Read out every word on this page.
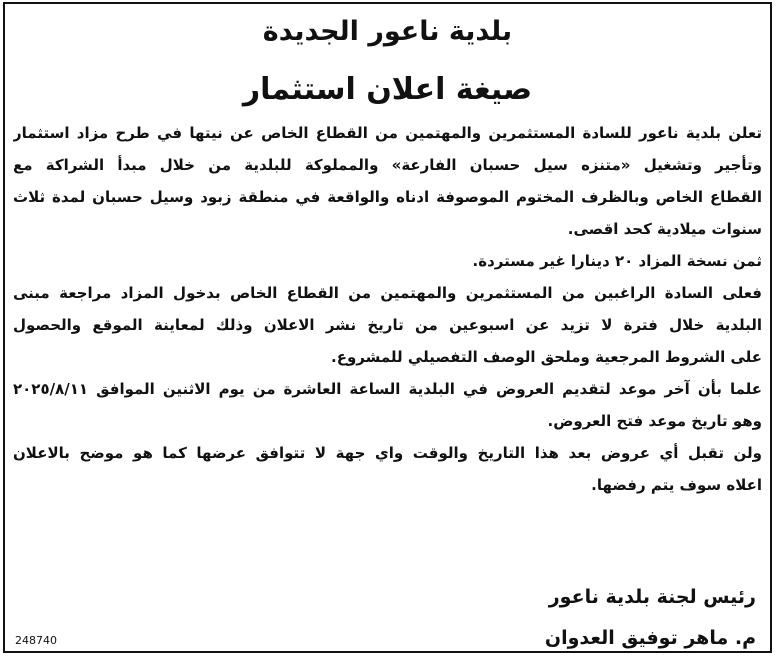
بلدية ناعور الجديدة
صيغة اعلان استثمار
تعلن بلدية ناعور للسادة المستثمرين والمهتمين من القطاع الخاص عن نيتها في طرح مزاد استثمار
وتأجير وتشغيل «متنزه سيل حسبان الفارعة» والمملوكة للبلدية من خلال مبدأ الشراكة مع
القطاع الخاص وبالظرف المختوم الموصوفة ادناه والواقعة في منطقة زبود وسيل حسبان لمدة ثلاث
سنوات ميلادية كحد اقصى.
ثمن نسخة المزاد ٢٠ دينارا غير مستردة.
فعلى السادة الراغبين من المستثمرين والمهتمين من القطاع الخاص بدخول المزاد مراجعة مبنى
البلدية خلال فترة لا تزيد عن اسبوعين من تاريخ نشر الاعلان وذلك لمعاينة الموقع والحصول
على الشروط المرجعية وملحق الوصف التفصيلي للمشروع.
علما بأن آخر موعد لتقديم العروض في البلدية الساعة العاشرة من يوم الاثنين الموافق ٢٠٢٥/٨/١١
وهو تاريخ موعد فتح العروض.
ولن تقبل أي عروض بعد هذا التاريخ والوقت واي جهة لا تتوافق عرضها كما هو موضح بالاعلان
اعلاه سوف يتم رفضها.
رئيس لجنة بلدية ناعور
م. ماهر توفيق العدوان
248740
